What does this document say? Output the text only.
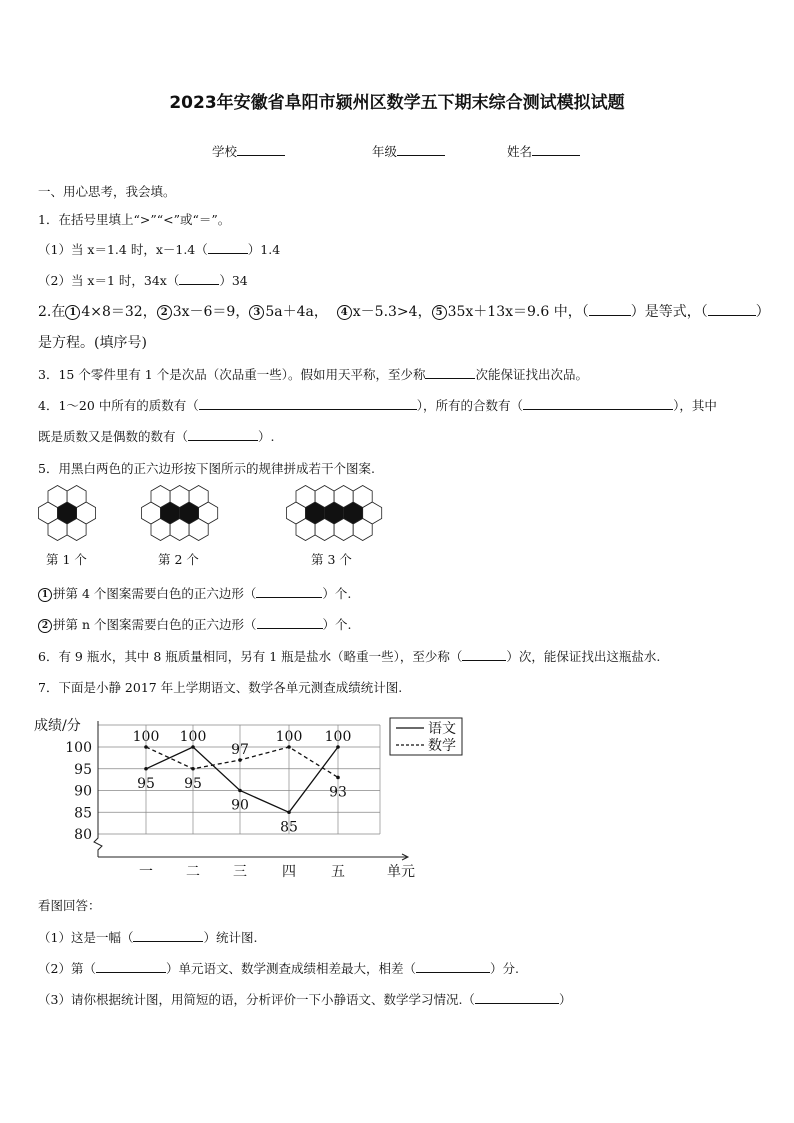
2023年安徽省阜阳市颍州区数学五下期末综合测试模拟试题
学校	年级	姓名
一、用心思考，我会填。
1．在括号里填上“>”“<”或“＝”。
（1）当 x＝1.4 时，x－1.4（	）1.4
（2）当 x＝1 时，34x（	）34
2.在 1 4×8＝32， 2 3x－6＝9， 3 5a＋4a， 4 x－5.3>4， 5 35x＋13x＝9.6 中，（	）是等式，（	）
是方程。(填序号)
3．15 个零件里有 1 个是次品（次品重一些）。假如用天平称，至少称	次能保证找出次品。
4．1～20 中所有的质数有（	），所有的合数有（	），其中
既是质数又是偶数的数有（	）.
5．用黑白两色的正六边形按下图所示的规律拼成若干个图案.
第 1 个	第 2 个	第 3 个
1 拼第 4 个图案需要白色的正六边形（	）个.
2 拼第 n 个图案需要白色的正六边形（	）个.
6．有 9 瓶水，其中 8 瓶质量相同，另有 1 瓶是盐水（略重一些），至少称（	）次，能保证找出这瓶盐水.
7．下面是小静 2017 年上学期语文、数学各单元测查成绩统计图.
成绩/分
100
95
90
85
80
一 二 三	四	五	单元
95
100
90
85
100
100
95
97
100
93
语文
数学
看图回答：
（1）这是一幅（	）统计图.
（2）第（	）单元语文、数学测查成绩相差最大，相差（	）分.
（3）请你根据统计图，用简短的语，分析评价一下小静语文、数学学习情况.（	）
